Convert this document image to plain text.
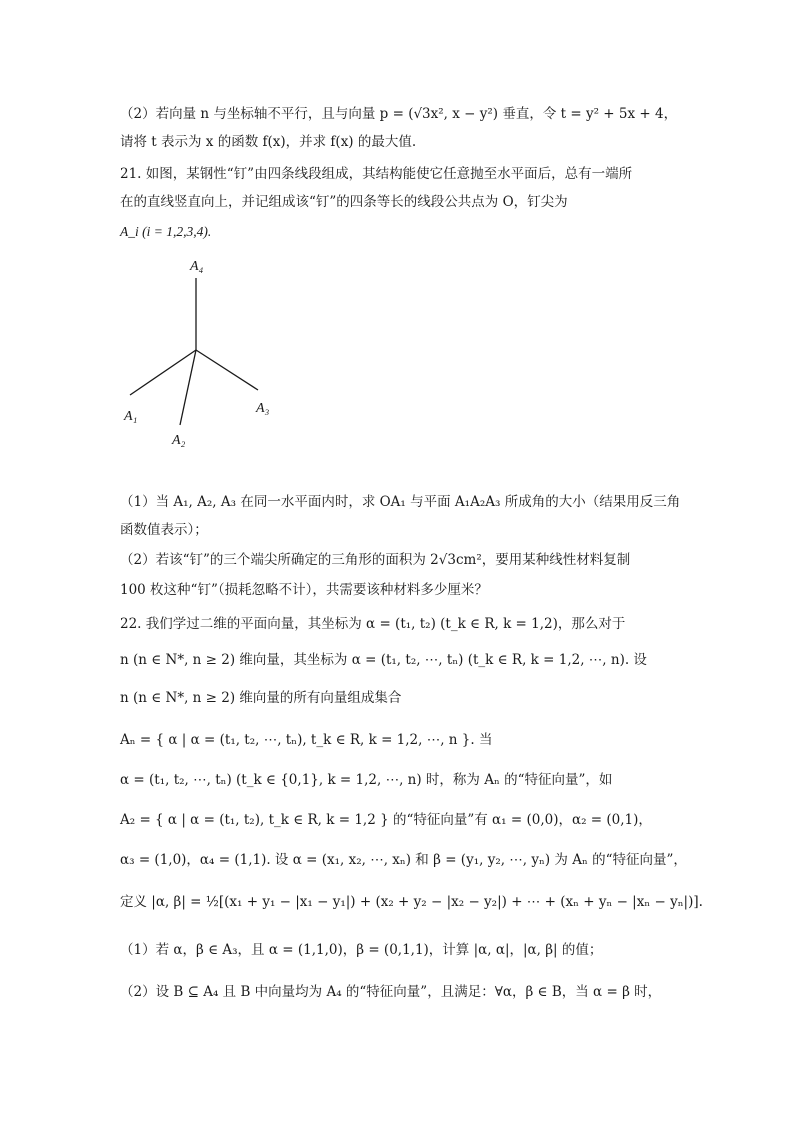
（2）若向量 n 与坐标轴不平行，且与向量 p = (√3x², x − y²) 垂直，令 t = y² + 5x + 4，
请将 t 表示为 x 的函数 f(x)，并求 f(x) 的最大值.
21. 如图，某钢性“钉”由四条线段组成，其结构能使它任意抛至水平面后，总有一端所
在的直线竖直向上，并记组成该“钉”的四条等长的线段公共点为 O，钉尖为
A_i (i = 1,2,3,4).
A₄
A₁
A₂
A₃
（1）当 A₁, A₂, A₃ 在同一水平面内时，求 OA₁ 与平面 A₁A₂A₃ 所成角的大小（结果用反三角
函数值表示）；
（2）若该“钉”的三个端尖所确定的三角形的面积为 2√3cm²，要用某种线性材料复制
100 枚这种“钉”（损耗忽略不计），共需要该种材料多少厘米？
22. 我们学过二维的平面向量，其坐标为 α = (t₁, t₂) (t_k ∈ R, k = 1,2)，那么对于
n (n ∈ N*, n ≥ 2) 维向量，其坐标为 α = (t₁, t₂, ⋯, tₙ) (t_k ∈ R, k = 1,2, ⋯, n). 设
n (n ∈ N*, n ≥ 2) 维向量的所有向量组成集合
Aₙ = { α | α = (t₁, t₂, ⋯, tₙ), t_k ∈ R, k = 1,2, ⋯, n }. 当
α = (t₁, t₂, ⋯, tₙ) (t_k ∈ {0,1}, k = 1,2, ⋯, n) 时，称为 Aₙ 的“特征向量”，如
A₂ = { α | α = (t₁, t₂), t_k ∈ R, k = 1,2 } 的“特征向量”有 α₁ = (0,0)，α₂ = (0,1)，
α₃ = (1,0)，α₄ = (1,1). 设 α = (x₁, x₂, ⋯, xₙ) 和 β = (y₁, y₂, ⋯, yₙ) 为 Aₙ 的“特征向量”，
定义 |α, β| = ½[(x₁ + y₁ − |x₁ − y₁|) + (x₂ + y₂ − |x₂ − y₂|) + ⋯ + (xₙ + yₙ − |xₙ − yₙ|)].
（1）若 α，β ∈ A₃，且 α = (1,1,0)，β = (0,1,1)，计算 |α, α|，|α, β| 的值；
（2）设 B ⊆ A₄ 且 B 中向量均为 A₄ 的“特征向量”，且满足：∀α，β ∈ B，当 α = β 时，
